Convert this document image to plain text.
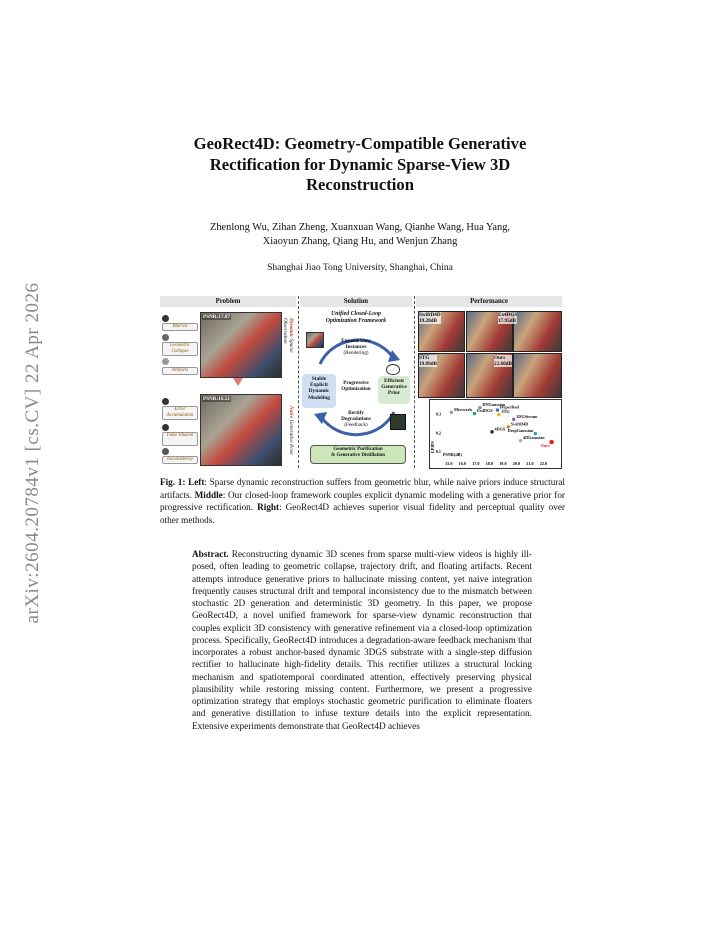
arXiv:2604.20784v1 [cs.CV] 22 Apr 2026
GeoRect4D: Geometry-Compatible Generative
Rectification for Dynamic Sparse-View 3D
Reconstruction
Zhenlong Wu, Zihan Zheng, Xuanxuan Wang, Qianhe Wang, Hua Yang,
Xiaoyun Zhang, Qiang Hu, and Wenjun Zhang
Shanghai Jiao Tong University, Shanghai, China
Problem	Solution	Performance
PSNR:17.87
Blurred
Geometric Collapse
Artifacts
Dynamic Sparse Observation
PSNR:16.51
Error Accumulation
False Illusion
Inconsistency
Naive Generative Prior
Unified Closed-Loop
Optimization Framework
Expand View
Instances
(Rendering)
Stable
Explicit
Dynamic
Modeling
Progressive
Optimization
Efficient
Generative
Prior
Rectify
Degradations
(Feedback)
Geometric Purification
& Generative Distillation
SwiftD4D
19.28dB
Ex4DGS
17.95dB
STG
19.09dB
Ours
22.60dB
15.0 16.0 17.0 18.0 19.0 20.0 21.0 22.0
0.3
0.2
0.1
PSNR(dB)
LPIPS
Mixvoxels
HNGaussian
HyperReel
Ex4DGS STG
3DGStream
SwiftD4D
4DGS DropGaussian
4DGaussian
Ours
Fig. 1: Left: Sparse dynamic reconstruction suffers from geometric blur, while naive priors induce structural artifacts. Middle: Our closed-loop framework couples explicit dynamic modeling with a generative prior for progressive rectification. Right: GeoRect4D achieves superior visual fidelity and perceptual quality over other methods.
Abstract. Reconstructing dynamic 3D scenes from sparse multi-view videos is highly ill-posed, often leading to geometric collapse, trajectory drift, and floating artifacts. Recent attempts introduce generative priors to hallucinate missing content, yet naive integration frequently causes structural drift and temporal inconsistency due to the mismatch between stochastic 2D generation and deterministic 3D geometry. In this paper, we propose GeoRect4D, a novel unified framework for sparse-view dynamic reconstruction that couples explicit 3D consistency with generative refinement via a closed-loop optimization process. Specifically, GeoRect4D introduces a degradation-aware feedback mechanism that incorporates a robust anchor-based dynamic 3DGS substrate with a single-step diffusion rectifier to hallucinate high-fidelity details. This rectifier utilizes a structural locking mechanism and spatiotemporal coordinated attention, effectively preserving physical plausibility while restoring missing content. Furthermore, we present a progressive optimization strategy that employs stochastic geometric purification to eliminate floaters and generative distillation to infuse texture details into the explicit representation. Extensive experiments demonstrate that GeoRect4D achieves
